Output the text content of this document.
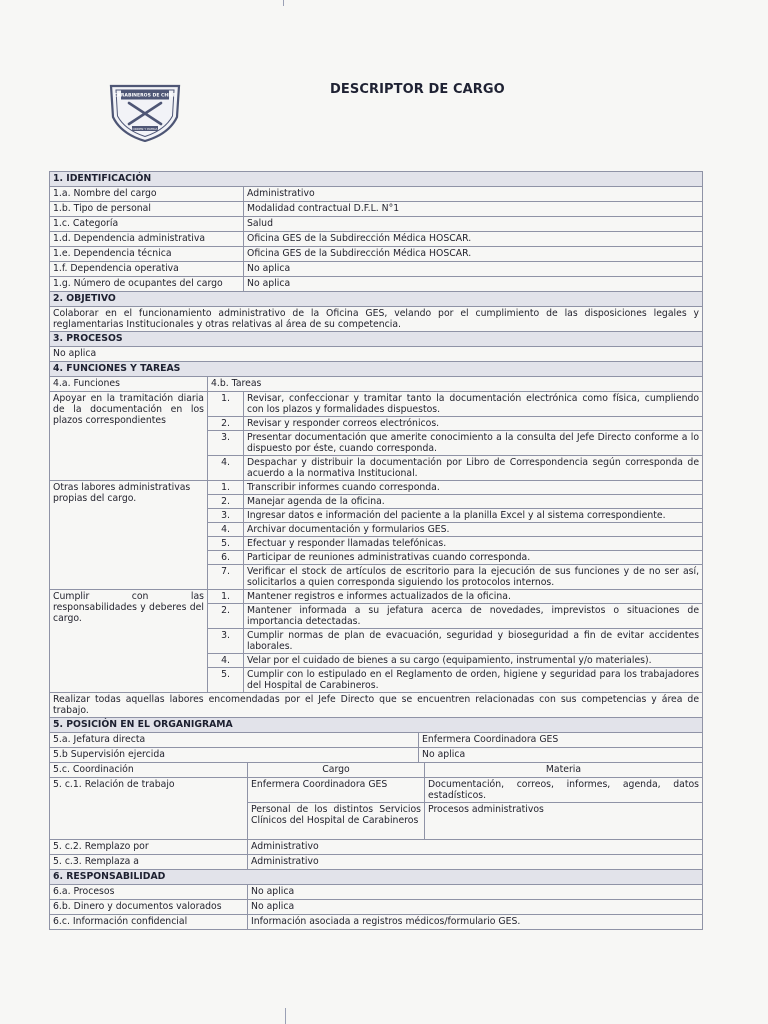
CARABINEROS DE CHILE
ORDEN Y PATRIA
DESCRIPTOR DE CARGO
1. IDENTIFICACIÓN			
1.a. Nombre del cargo		Administrativo	
1.b. Tipo de personal		Modalidad contractual D.F.L. N°1	
1.c. Categoría		Salud	
1.d. Dependencia administrativa		Oficina GES de la Subdirección Médica HOSCAR.	
1.e. Dependencia técnica		Oficina GES de la Subdirección Médica HOSCAR.	
1.f. Dependencia operativa		No aplica	
1.g. Número de ocupantes del cargo		No aplica	
2. OBJETIVO			
Colaborar en el funcionamiento administrativo de la Oficina GES, velando por el cumplimiento de las disposiciones legales y reglamentarias Institucionales y otras relativas al área de su competencia.			
3. PROCESOS			
No aplica			
4. FUNCIONES Y TAREAS			
4.a. Funciones	4.b. Tareas		
Apoyar en la tramitación diaria de la documentación en los plazos correspondientes	1.	Revisar, confeccionar y tramitar tanto la documentación electrónica como física, cumpliendo con los plazos y formalidades dispuestos.	
	2.	Revisar y responder correos electrónicos.	
	3.	Presentar documentación que amerite conocimiento a la consulta del Jefe Directo conforme a lo dispuesto por éste, cuando corresponda.	
	4.	Despachar y distribuir la documentación por Libro de Correspondencia según corresponda de acuerdo a la normativa Institucional.	
Otras labores administrativas propias del cargo.	1.	Transcribir informes cuando corresponda.	
	2.	Manejar agenda de la oficina.	
	3.	Ingresar datos e información del paciente a la planilla Excel y al sistema correspondiente.	
	4.	Archivar documentación y formularios GES.	
	5.	Efectuar y responder llamadas telefónicas.	
	6.	Participar de reuniones administrativas cuando corresponda.	
	7.	Verificar el stock de artículos de escritorio para la ejecución de sus funciones y de no ser así, solicitarlos a quien corresponda siguiendo los protocolos internos.	
Cumplir con las responsabilidades y deberes del cargo.	1.	Mantener registros e informes actualizados de la oficina.	
	2.	Mantener informada a su jefatura acerca de novedades, imprevistos o situaciones de importancia detectadas.	
	3.	Cumplir normas de plan de evacuación, seguridad y bioseguridad a fin de evitar accidentes laborales.	
	4.	Velar por el cuidado de bienes a su cargo (equipamiento, instrumental y/o materiales).	
	5.	Cumplir con lo estipulado en el Reglamento de orden, higiene y seguridad para los trabajadores del Hospital de Carabineros.	
Realizar todas aquellas labores encomendadas por el Jefe Directo que se encuentren relacionadas con sus competencias y área de trabajo.			
5. POSICIÓN EN EL ORGANIGRAMA			
5.a. Jefatura directa			Enfermera Coordinadora GES
5.b Supervisión ejercida			No aplica
5.c. Coordinación	Cargo	Materia
5. c.1. Relación de trabajo	Enfermera Coordinadora GES	Documentación, correos, informes, agenda, datos estadísticos.
	Personal de los distintos Servicios Clínicos del Hospital de Carabineros	Procesos administrativos
5. c.2. Remplazo por	Administrativo	
5. c.3. Remplaza a	Administrativo	
6. RESPONSABILIDAD		
6.a. Procesos	No aplica	
6.b. Dinero y documentos valorados	No aplica	
6.c. Información confidencial	Información asociada a registros médicos/formulario GES.	
